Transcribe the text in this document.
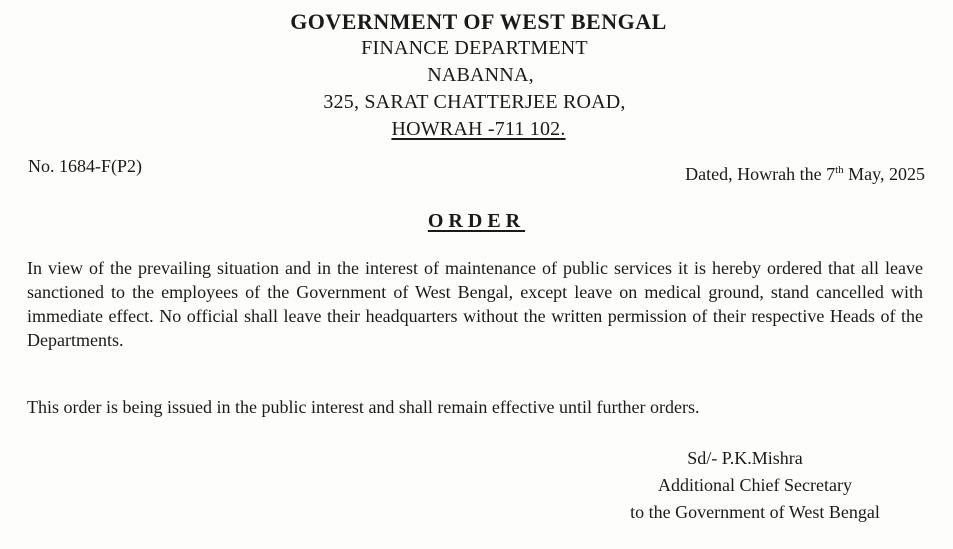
GOVERNMENT OF WEST BENGAL
FINANCE DEPARTMENT
NABANNA,
325, SARAT CHATTERJEE ROAD,
HOWRAH -711 102.
No. 1684-F(P2)	Dated, Howrah the 7th May, 2025
ORDER

In view of the prevailing situation and in the interest of maintenance of public services it is hereby ordered that all leave sanctioned to the employees of the Government of West Bengal, except leave on medical ground, stand cancelled with immediate effect. No official shall leave their headquarters without the written permission of their respective Heads of the Departments.

This order is being issued in the public interest and shall remain effective until further orders.

Sd/- P.K.Mishra
Additional Chief Secretary
to the Government of West Bengal
